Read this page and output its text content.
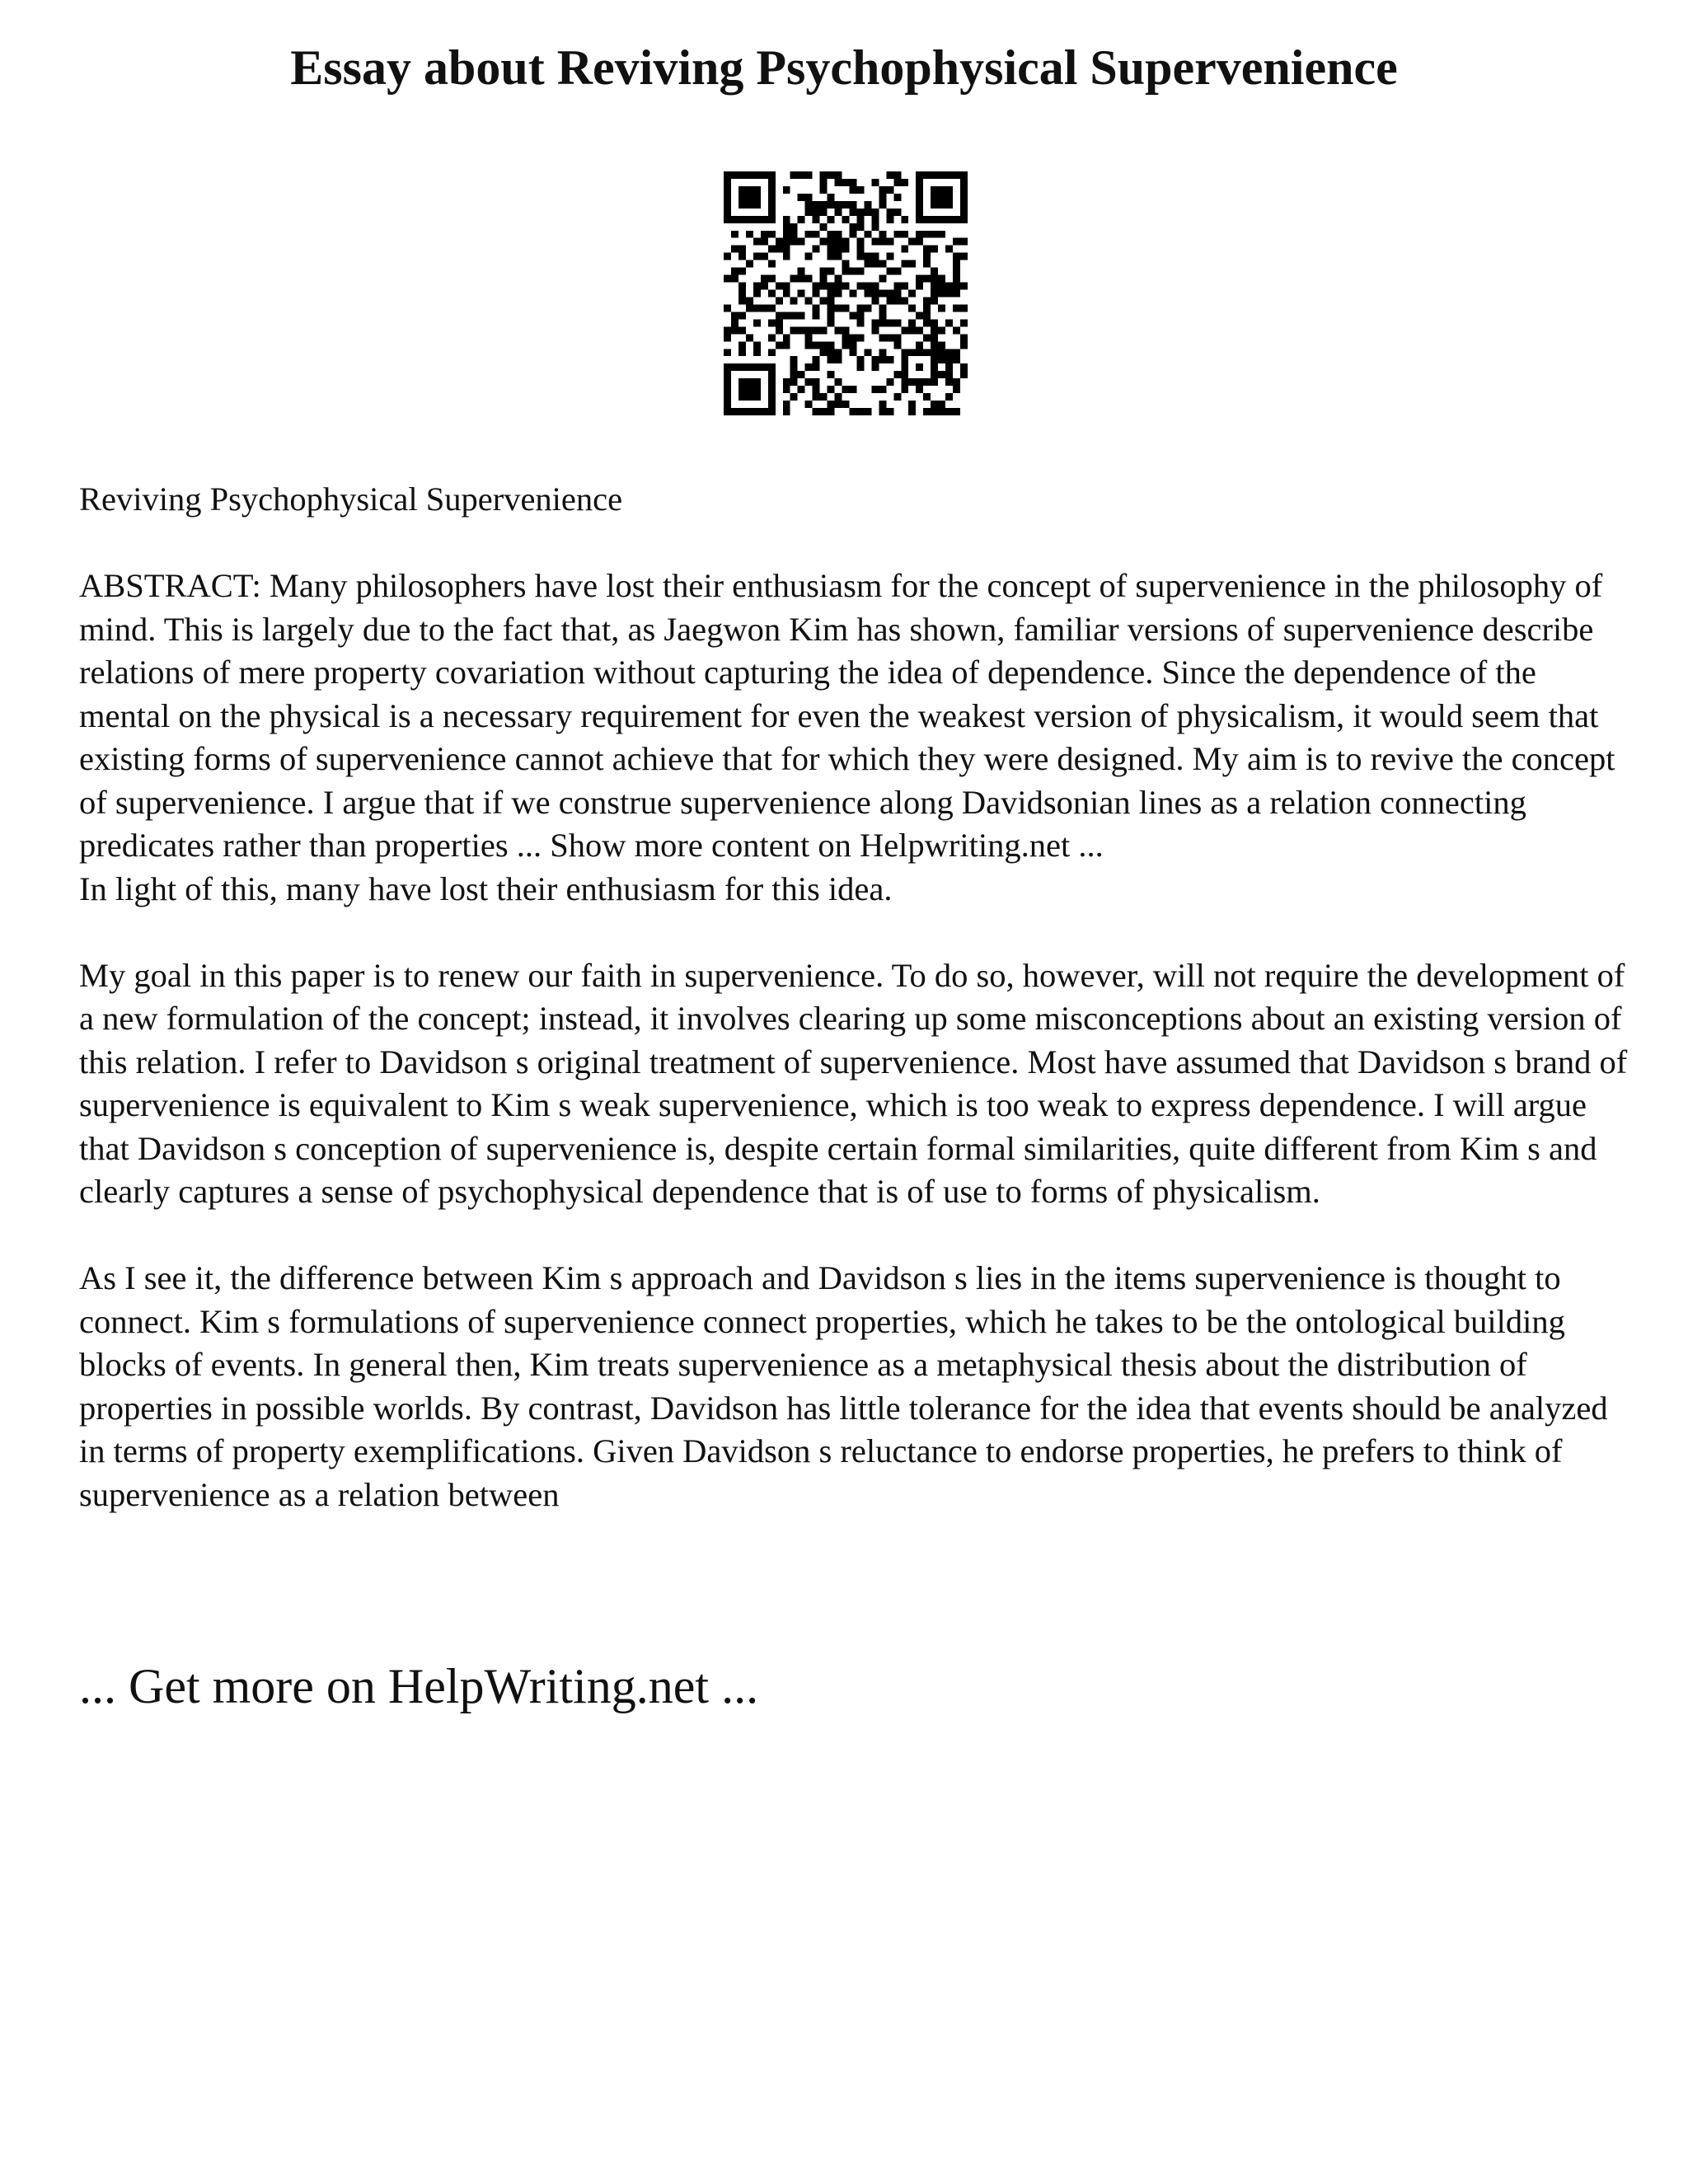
Essay about Reviving Psychophysical Supervenience

Reviving Psychophysical Supervenience

ABSTRACT: Many philosophers have lost their enthusiasm for the concept of supervenience in the philosophy of mind. This is largely due to the fact that, as Jaegwon Kim has shown, familiar versions of supervenience describe relations of mere property covariation without capturing the idea of dependence. Since the dependence of the mental on the physical is a necessary requirement for even the weakest version of physicalism, it would seem that existing forms of supervenience cannot achieve that for which they were designed. My aim is to revive the concept of supervenience. I argue that if we construe supervenience along Davidsonian lines as a relation connecting predicates rather than properties ... Show more content on Helpwriting.net ...

In light of this, many have lost their enthusiasm for this idea.

My goal in this paper is to renew our faith in supervenience. To do so, however, will not require the development of a new formulation of the concept; instead, it involves clearing up some misconceptions about an existing version of this relation. I refer to Davidson s original treatment of supervenience. Most have assumed that Davidson s brand of supervenience is equivalent to Kim s weak supervenience, which is too weak to express dependence. I will argue that Davidson s conception of supervenience is, despite certain formal similarities, quite different from Kim s and clearly captures a sense of psychophysical dependence that is of use to forms of physicalism.

As I see it, the difference between Kim s approach and Davidson s lies in the items supervenience is thought to connect. Kim s formulations of supervenience connect properties, which he takes to be the ontological building blocks of events. In general then, Kim treats supervenience as a metaphysical thesis about the distribution of properties in possible worlds. By contrast, Davidson has little tolerance for the idea that events should be analyzed in terms of property exemplifications. Given Davidson s reluctance to endorse properties, he prefers to think of supervenience as a relation between

... Get more on HelpWriting.net ...
